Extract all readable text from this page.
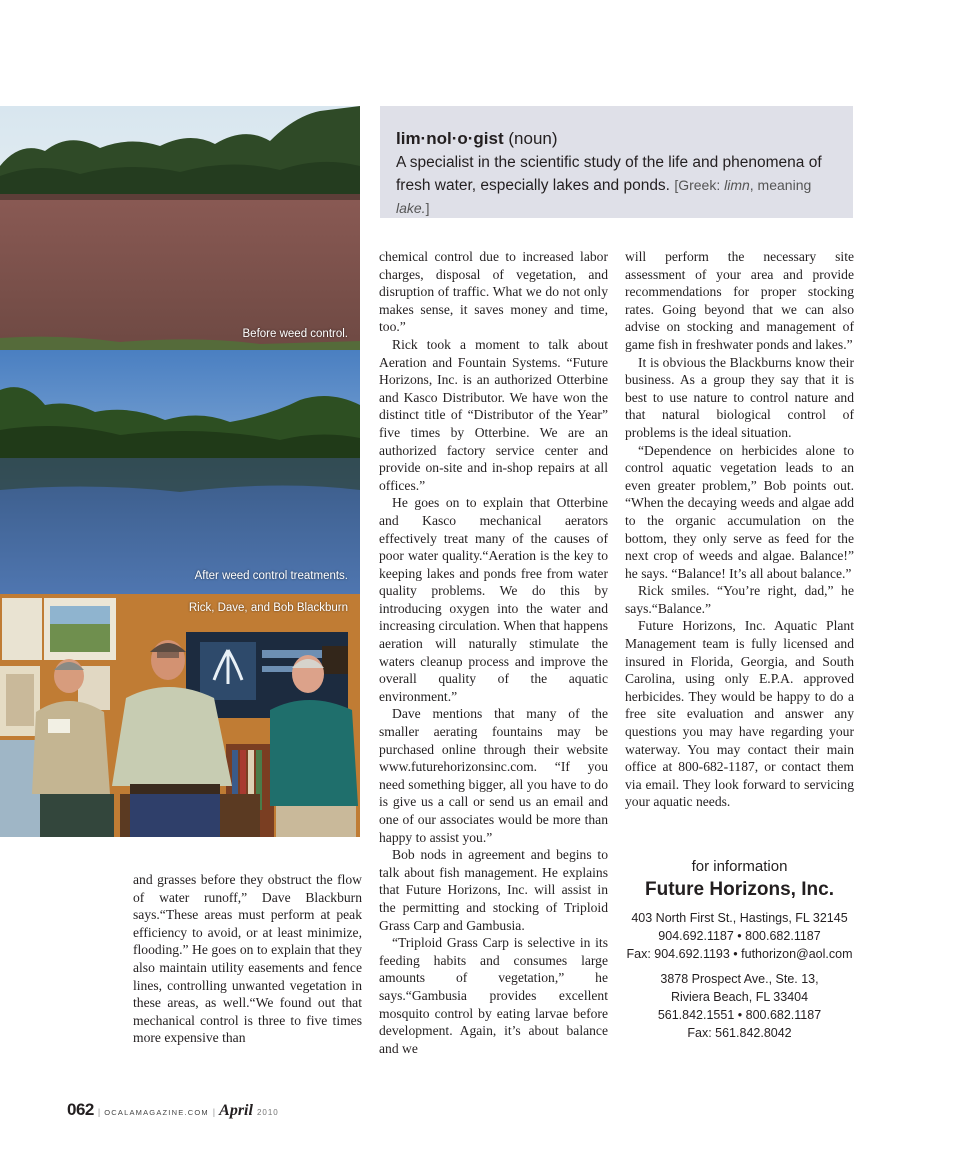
Before weed control.
After weed control treatments.
Rick, Dave, and Bob Blackburn
lim·nol·o·gist (noun)
A specialist in the scientific study of the life and phenomena of fresh water, especially lakes and ponds. [Greek: limn, meaning lake.]

and grasses before they obstruct the flow of water runoff,” Dave Blackburn says.“These areas must perform at peak efficiency to avoid, or at least minimize, flooding.” He goes on to explain that they also maintain utility easements and fence lines, controlling unwanted vegetation in these areas, as well.“We found out that mechanical control is three to five times more expensive than

chemical control due to increased labor charges, disposal of vegetation, and disruption of traffic. What we do not only makes sense, it saves money and time, too.”

Rick took a moment to talk about Aeration and Fountain Systems. “Future Horizons, Inc. is an authorized Otterbine and Kasco Distributor. We have won the distinct title of “Distributor of the Year” five times by Otterbine. We are an authorized factory service center and provide on-site and in-shop repairs at all offices.”

He goes on to explain that Otterbine and Kasco mechanical aerators effectively treat many of the causes of poor water quality.“Aeration is the key to keeping lakes and ponds free from water quality problems. We do this by introducing oxygen into the water and increasing circulation. When that happens aeration will naturally stimulate the waters cleanup process and improve the overall quality of the aquatic environment.”

Dave mentions that many of the smaller aerating fountains may be purchased online through their website www.futurehorizonsinc.com. “If you need something bigger, all you have to do is give us a call or send us an email and one of our associates would be more than happy to assist you.”

Bob nods in agreement and begins to talk about fish management. He explains that Future Horizons, Inc. will assist in the permitting and stocking of Triploid Grass Carp and Gambusia.

“Triploid Grass Carp is selective in its feeding habits and consumes large amounts of vegetation,” he says.“Gambusia provides excellent mosquito control by eating larvae before development. Again, it’s about balance and we

will perform the necessary site assessment of your area and provide recommendations for proper stocking rates. Going beyond that we can also advise on stocking and management of game fish in freshwater ponds and lakes.”

It is obvious the Blackburns know their business. As a group they say that it is best to use nature to control nature and that natural biological control of problems is the ideal situation.

“Dependence on herbicides alone to control aquatic vegetation leads to an even greater problem,” Bob points out. “When the decaying weeds and algae add to the organic accumulation on the bottom, they only serve as feed for the next crop of weeds and algae. Balance!” he says. “Balance! It’s all about balance.”

Rick smiles. “You’re right, dad,” he says.“Balance.”

Future Horizons, Inc. Aquatic Plant Management team is fully licensed and insured in Florida, Georgia, and South Carolina, using only E.P.A. approved herbicides. They would be happy to do a free site evaluation and answer any questions you may have regarding your waterway. You may contact their main office at 800-682-1187, or contact them via email. They look forward to servicing your aquatic needs.

for information
Future Horizons, Inc.
403 North First St., Hastings, FL 32145
904.692.1187 • 800.682.1187
Fax: 904.692.1193 • futhorizon@aol.com
3878 Prospect Ave., Ste. 13,
Riviera Beach, FL 33404
561.842.1551 • 800.682.1187
Fax: 561.842.8042
062 | OCALAMAGAZINE.COM | April 2010
